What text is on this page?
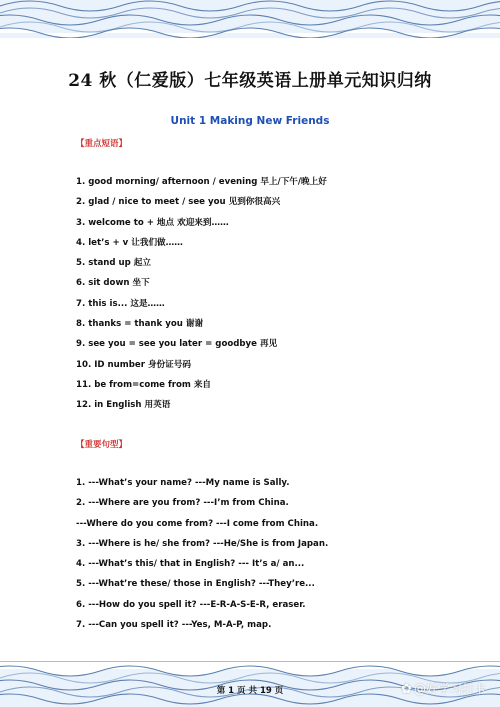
24 秋（仁爱版）七年级英语上册单元知识归纳
Unit 1 Making New Friends
【重点短语】
1. good morning/ afternoon / evening 早上/下午/晚上好
2. glad / nice to meet / see you 见到你很高兴
3. welcome to + 地点 欢迎来到……
4. let’s + v 让我们做……
5. stand up 起立
6. sit down 坐下
7. this is... 这是……
8. thanks = thank you 谢谢
9. see you = see you later = goodbye 再见
10. ID number 身份证号码
11. be from=come from 来自
12. in English 用英语
【重要句型】
1. ---What’s your name? ---My name is Sally.
2. ---Where are you from? ---I’m from China.
---Where do you come from? ---I come from China.
3. ---Where is he/ she from? ---He/She is from Japan.
4. ---What’s this/ that in English? --- It’s a/ an...
5. ---What’re these/ those in English? ---They’re...
6. ---How do you spell it? ---E-R-A-S-E-R, eraser.
7. ---Can you spell it? ---Yes, M-A-P, map.
第 1 页 共 19 页	✿ @好学习打卡
